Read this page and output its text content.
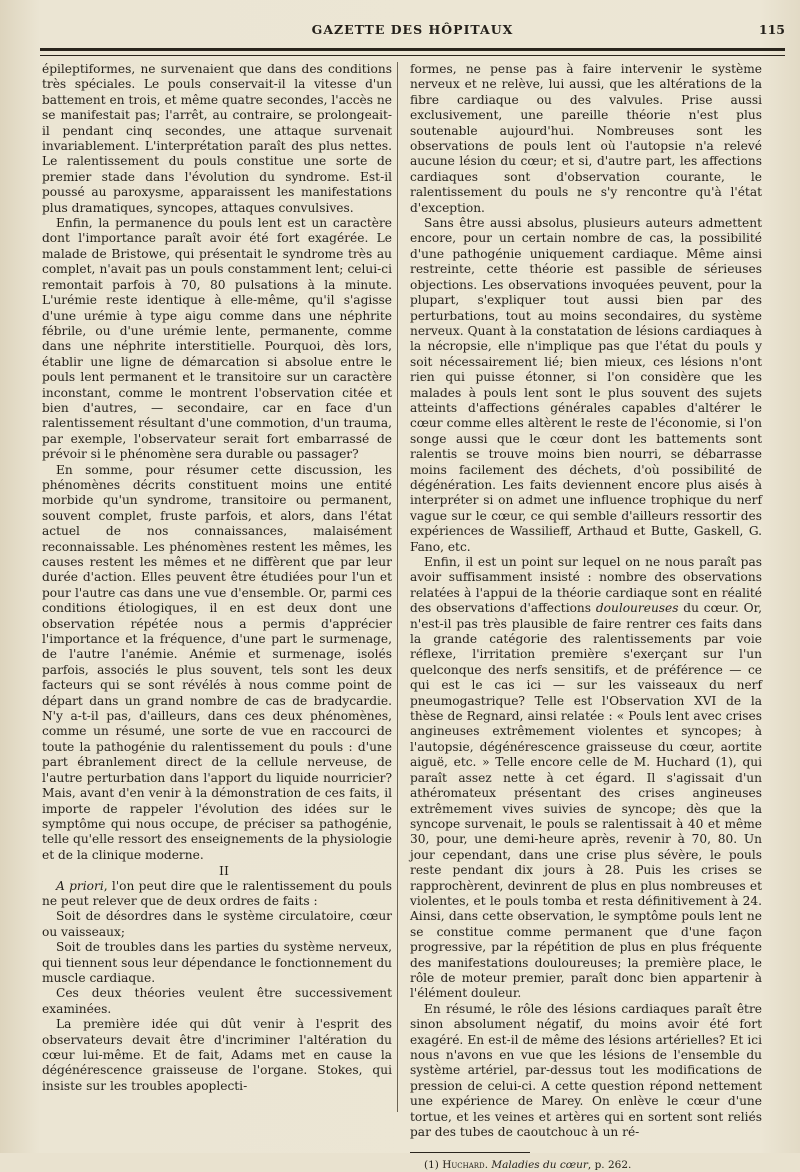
GAZETTE DES HÔPITAUX	115

épileptiformes, ne survenaient que dans des conditions très spéciales. Le pouls conservait-il la vitesse d'un battement en trois, et même quatre secondes, l'accès ne se manifestait pas; l'arrêt, au contraire, se prolongeait-il pendant cinq secondes, une attaque survenait invariablement. L'interprétation paraît des plus nettes. Le ralentissement du pouls constitue une sorte de premier stade dans l'évolution du syndrome. Est-il poussé au paroxysme, apparaissent les manifestations plus dramatiques, syncopes, attaques convulsives.

Enfin, la permanence du pouls lent est un caractère dont l'importance paraît avoir été fort exagérée. Le malade de Bristowe, qui présentait le syndrome très au complet, n'avait pas un pouls constamment lent; celui-ci remontait parfois à 70, 80 pulsations à la minute. L'urémie reste identique à elle-même, qu'il s'agisse d'une urémie à type aigu comme dans une néphrite fébrile, ou d'une urémie lente, permanente, comme dans une néphrite interstitielle. Pourquoi, dès lors, établir une ligne de démarcation si absolue entre le pouls lent permanent et le transitoire sur un caractère inconstant, comme le montrent l'observation citée et bien d'autres, — secondaire, car en face d'un ralentissement résultant d'une commotion, d'un trauma, par exemple, l'observateur serait fort embarrassé de prévoir si le phénomène sera durable ou passager?

En somme, pour résumer cette discussion, les phénomènes décrits constituent moins une entité morbide qu'un syndrome, transitoire ou permanent, souvent complet, fruste parfois, et alors, dans l'état actuel de nos connaissances, malaisément reconnaissable. Les phénomènes restent les mêmes, les causes restent les mêmes et ne diffèrent que par leur durée d'action. Elles peuvent être étudiées pour l'un et pour l'autre cas dans une vue d'ensemble. Or, parmi ces conditions étiologiques, il en est deux dont une observation répétée nous a permis d'apprécier l'importance et la fréquence, d'une part le surmenage, de l'autre l'anémie. Anémie et surmenage, isolés parfois, associés le plus souvent, tels sont les deux facteurs qui se sont révélés à nous comme point de départ dans un grand nombre de cas de bradycardie. N'y a-t-il pas, d'ailleurs, dans ces deux phénomènes, comme un résumé, une sorte de vue en raccourci de toute la pathogénie du ralentissement du pouls : d'une part ébranlement direct de la cellule nerveuse, de l'autre perturbation dans l'apport du liquide nourricier? Mais, avant d'en venir à la démonstration de ces faits, il importe de rappeler l'évolution des idées sur le symptôme qui nous occupe, de préciser sa pathogénie, telle qu'elle ressort des enseignements de la physiologie et de la clinique moderne.

II

A priori, l'on peut dire que le ralentissement du pouls ne peut relever que de deux ordres de faits :

Soit de désordres dans le système circulatoire, cœur ou vaisseaux;

Soit de troubles dans les parties du système nerveux, qui tiennent sous leur dépendance le fonctionnement du muscle cardiaque.

Ces deux théories veulent être successivement examinées.

La première idée qui dût venir à l'esprit des observateurs devait être d'incriminer l'altération du cœur lui-même. Et de fait, Adams met en cause la dégénérescence graisseuse de l'organe. Stokes, qui insiste sur les troubles apoplecti-

formes, ne pense pas à faire intervenir le système nerveux et ne relève, lui aussi, que les altérations de la fibre cardiaque ou des valvules. Prise aussi exclusivement, une pareille théorie n'est plus soutenable aujourd'hui. Nombreuses sont les observations de pouls lent où l'autopsie n'a relevé aucune lésion du cœur; et si, d'autre part, les affections cardiaques sont d'observation courante, le ralentissement du pouls ne s'y rencontre qu'à l'état d'exception.

Sans être aussi absolus, plusieurs auteurs admettent encore, pour un certain nombre de cas, la possibilité d'une pathogénie uniquement cardiaque. Même ainsi restreinte, cette théorie est passible de sérieuses objections. Les observations invoquées peuvent, pour la plupart, s'expliquer tout aussi bien par des perturbations, tout au moins secondaires, du système nerveux. Quant à la constatation de lésions cardiaques à la nécropsie, elle n'implique pas que l'état du pouls y soit nécessairement lié; bien mieux, ces lésions n'ont rien qui puisse étonner, si l'on considère que les malades à pouls lent sont le plus souvent des sujets atteints d'affections générales capables d'altérer le cœur comme elles altèrent le reste de l'économie, si l'on songe aussi que le cœur dont les battements sont ralentis se trouve moins bien nourri, se débarrasse moins facilement des déchets, d'où possibilité de dégénération. Les faits deviennent encore plus aisés à interpréter si on admet une influence trophique du nerf vague sur le cœur, ce qui semble d'ailleurs ressortir des expériences de Wassilieff, Arthaud et Butte, Gaskell, G. Fano, etc.

Enfin, il est un point sur lequel on ne nous paraît pas avoir suffisamment insisté : nombre des observations relatées à l'appui de la théorie cardiaque sont en réalité des observations d'affections douloureuses du cœur. Or, n'est-il pas très plausible de faire rentrer ces faits dans la grande catégorie des ralentissements par voie réflexe, l'irritation première s'exerçant sur l'un quelconque des nerfs sensitifs, et de préférence — ce qui est le cas ici — sur les vaisseaux du nerf pneumogastrique? Telle est l'Observation XVI de la thèse de Regnard, ainsi relatée : « Pouls lent avec crises angineuses extrêmement violentes et syncopes; à l'autopsie, dégénérescence graisseuse du cœur, aortite aiguë, etc. » Telle encore celle de M. Huchard (1), qui paraît assez nette à cet égard. Il s'agissait d'un athéromateux présentant des crises angineuses extrêmement vives suivies de syncope; dès que la syncope survenait, le pouls se ralentissait à 40 et même 30, pour, une demi-heure après, revenir à 70, 80. Un jour cependant, dans une crise plus sévère, le pouls reste pendant dix jours à 28. Puis les crises se rapprochèrent, devinrent de plus en plus nombreuses et violentes, et le pouls tomba et resta définitivement à 24. Ainsi, dans cette observation, le symptôme pouls lent ne se constitue comme permanent que d'une façon progressive, par la répétition de plus en plus fréquente des manifestations douloureuses; la première place, le rôle de moteur premier, paraît donc bien appartenir à l'élément douleur.

En résumé, le rôle des lésions cardiaques paraît être sinon absolument négatif, du moins avoir été fort exagéré. En est-il de même des lésions artérielles? Et ici nous n'avons en vue que les lésions de l'ensemble du système artériel, par-dessus tout les modifications de pression de celui-ci. A cette question répond nettement une expérience de Marey. On enlève le cœur d'une tortue, et les veines et artères qui en sortent sont reliés par des tubes de caoutchouc à un ré-

(1) Huchard. Maladies du cœur, p. 262.
